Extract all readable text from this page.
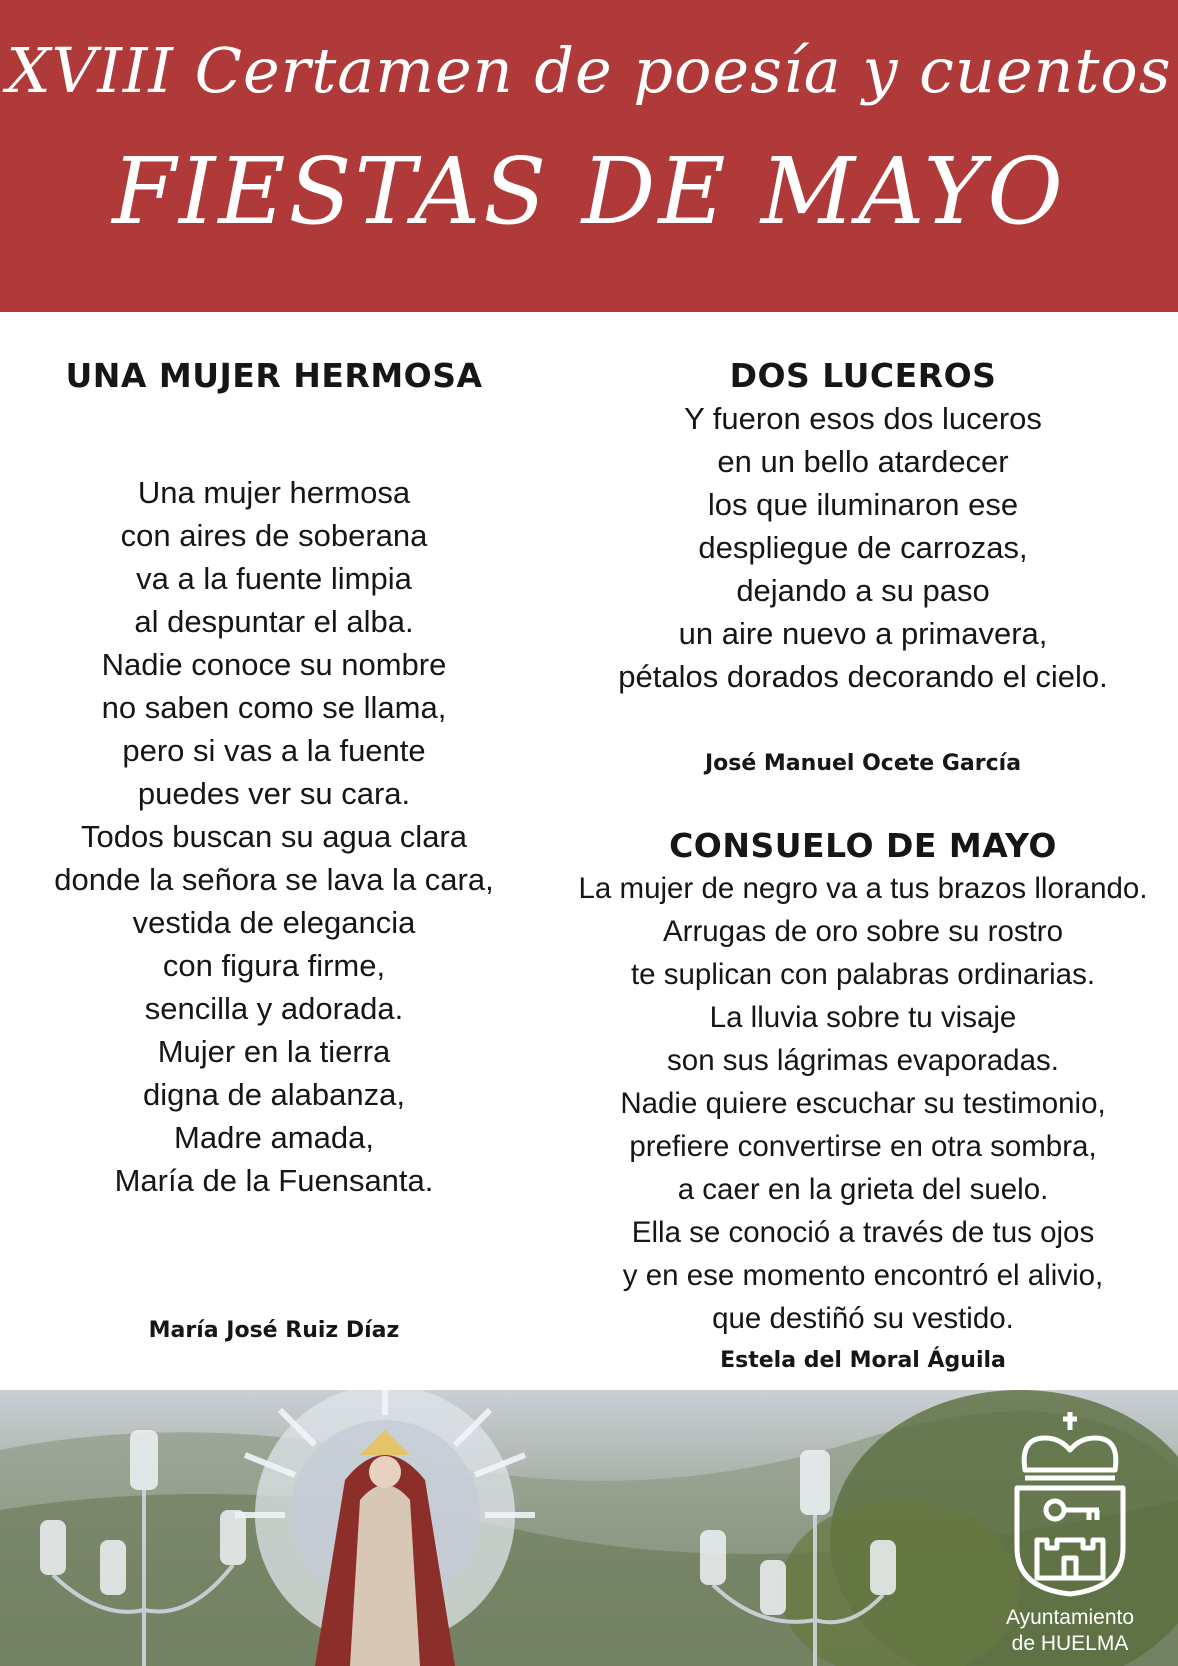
XVIII Certamen de poesía y cuentos
FIESTAS DE MAYO
UNA MUJER HERMOSA
Una mujer hermosa
con aires de soberana
va a la fuente limpia
al despuntar el alba.
Nadie conoce su nombre
no saben como se llama,
pero si vas a la fuente
puedes ver su cara.
Todos buscan su agua clara
donde la señora se lava la cara,
vestida de elegancia
con figura firme,
sencilla y adorada.
Mujer en la tierra
digna de alabanza,
Madre amada,
María de la Fuensanta.
María José Ruiz Díaz
DOS LUCEROS
Y fueron esos dos luceros
en un bello atardecer
los que iluminaron ese
despliegue de carrozas,
dejando a su paso
un aire nuevo a primavera,
pétalos dorados decorando el cielo.
José Manuel Ocete García
CONSUELO DE MAYO
La mujer de negro va a tus brazos llorando.
Arrugas de oro sobre su rostro
te suplican con palabras ordinarias.
La lluvia sobre tu visaje
son sus lágrimas evaporadas.
Nadie quiere escuchar su testimonio,
prefiere convertirse en otra sombra,
a caer en la grieta del suelo.
Ella se conoció a través de tus ojos
y en ese momento encontró el alivio,
que destiñó su vestido.
Estela del Moral Águila
Ayuntamiento
de HUELMA
